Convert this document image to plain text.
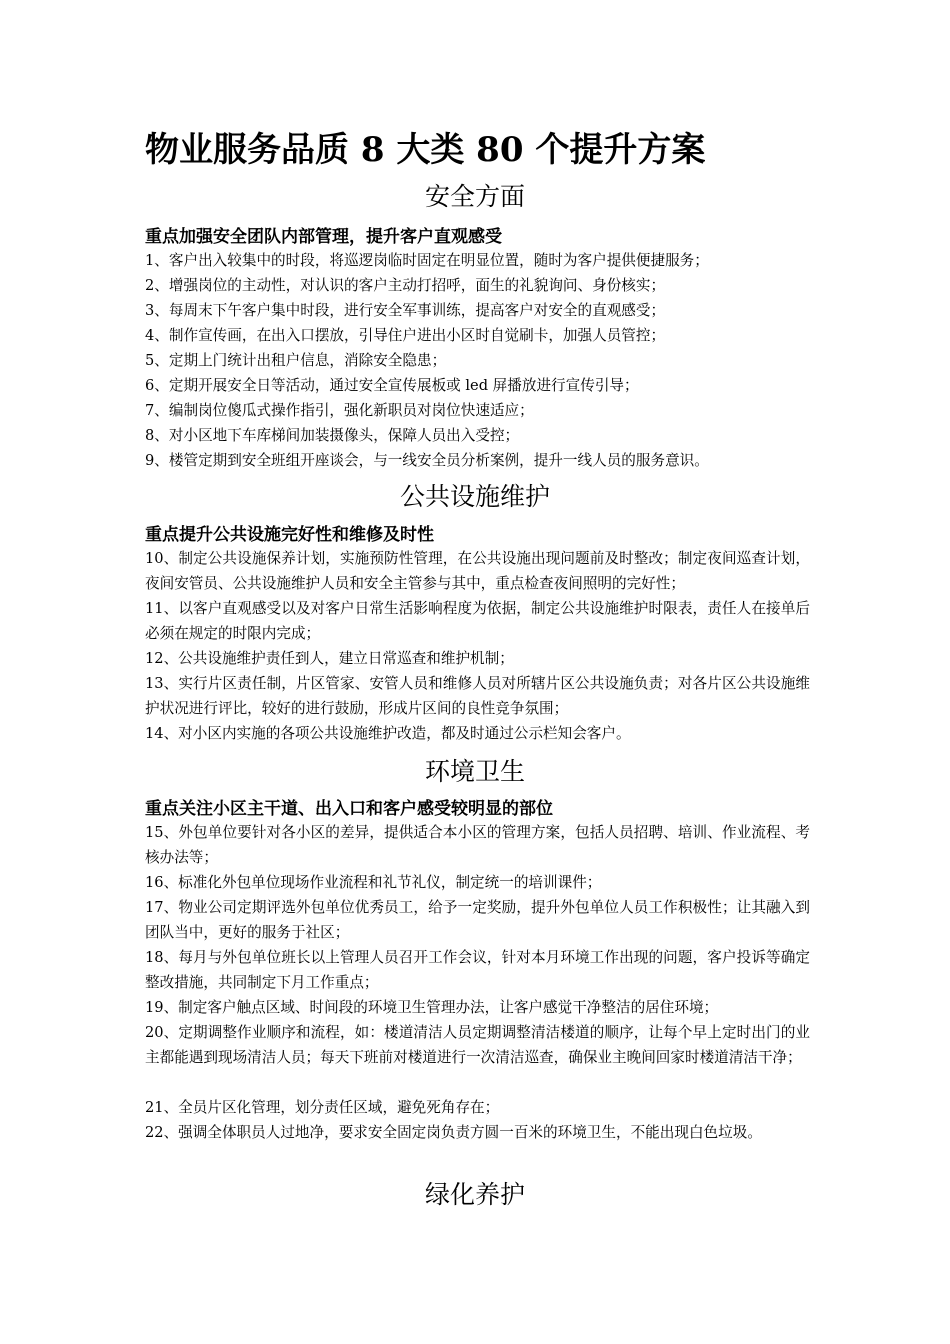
物业服务品质 8 大类 80 个提升方案
安全方面
重点加强安全团队内部管理，提升客户直观感受

1、客户出入较集中的时段，将巡逻岗临时固定在明显位置，随时为客户提供便捷服务；

2、增强岗位的主动性，对认识的客户主动打招呼，面生的礼貌询问、身份核实；

3、每周末下午客户集中时段，进行安全军事训练，提高客户对安全的直观感受；

4、制作宣传画，在出入口摆放，引导住户进出小区时自觉刷卡，加强人员管控；

5、定期上门统计出租户信息，消除安全隐患；

6、定期开展安全日等活动，通过安全宣传展板或 led 屏播放进行宣传引导；

7、编制岗位傻瓜式操作指引，强化新职员对岗位快速适应；

8、对小区地下车库梯间加装摄像头，保障人员出入受控；

9、楼管定期到安全班组开座谈会，与一线安全员分析案例，提升一线人员的服务意识。

公共设施维护
重点提升公共设施完好性和维修及时性

10、制定公共设施保养计划，实施预防性管理，在公共设施出现问题前及时整改；制定夜间巡查计划，夜间安管员、公共设施维护人员和安全主管参与其中，重点检查夜间照明的完好性；

11、以客户直观感受以及对客户日常生活影响程度为依据，制定公共设施维护时限表，责任人在接单后必须在规定的时限内完成；

12、公共设施维护责任到人，建立日常巡查和维护机制；

13、实行片区责任制，片区管家、安管人员和维修人员对所辖片区公共设施负责；对各片区公共设施维护状况进行评比，较好的进行鼓励，形成片区间的良性竞争氛围；

14、对小区内实施的各项公共设施维护改造，都及时通过公示栏知会客户。

环境卫生
重点关注小区主干道、出入口和客户感受较明显的部位

15、外包单位要针对各小区的差异，提供适合本小区的管理方案，包括人员招聘、培训、作业流程、考核办法等；

16、标准化外包单位现场作业流程和礼节礼仪，制定统一的培训课件；

17、物业公司定期评选外包单位优秀员工，给予一定奖励，提升外包单位人员工作积极性；让其融入到团队当中，更好的服务于社区；

18、每月与外包单位班长以上管理人员召开工作会议，针对本月环境工作出现的问题，客户投诉等确定整改措施，共同制定下月工作重点；

19、制定客户触点区域、时间段的环境卫生管理办法，让客户感觉干净整洁的居住环境；

20、定期调整作业顺序和流程，如：楼道清洁人员定期调整清洁楼道的顺序，让每个早上定时出门的业主都能遇到现场清洁人员；每天下班前对楼道进行一次清洁巡查，确保业主晚间回家时楼道清洁干净；

21、全员片区化管理，划分责任区域，避免死角存在；

22、强调全体职员人过地净，要求安全固定岗负责方圆一百米的环境卫生，不能出现白色垃圾。

绿化养护
